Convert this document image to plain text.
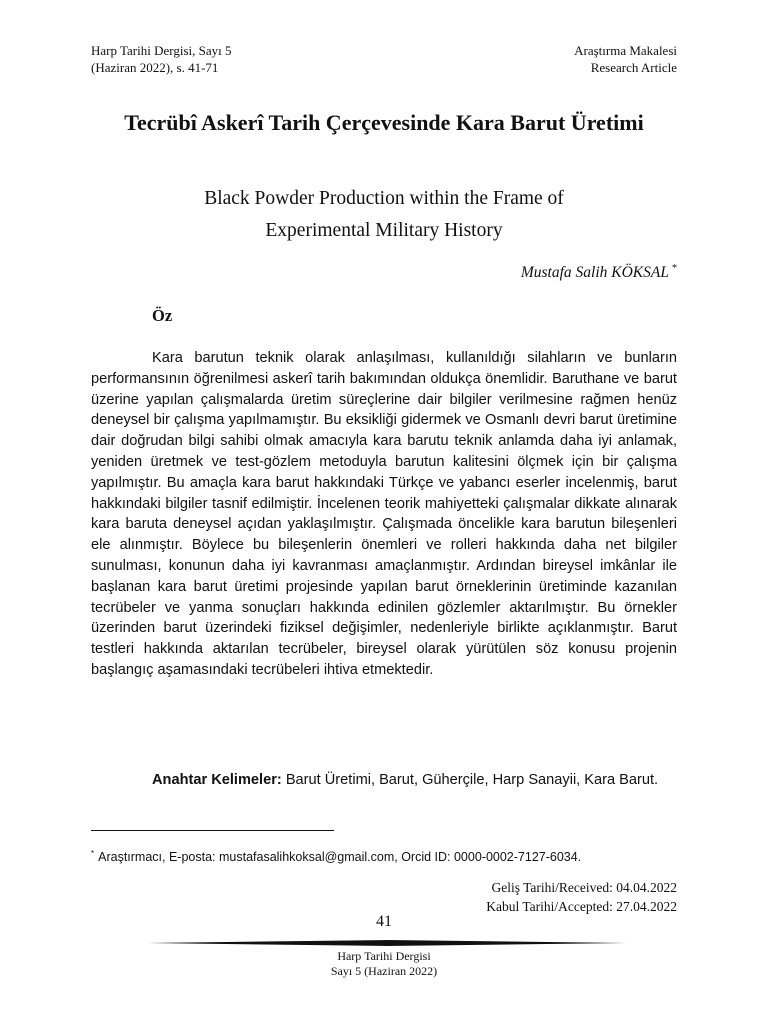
Harp Tarihi Dergisi, Sayı 5
(Haziran 2022), s. 41-71
Araştırma Makalesi
Research Article
Tecrübî Askerî Tarih Çerçevesinde Kara Barut Üretimi
Black Powder Production within the Frame of
Experimental Military History
Mustafa Salih KÖKSAL *
Öz

Kara barutun teknik olarak anlaşılması, kullanıldığı silahların ve bunların performansının öğrenilmesi askerî tarih bakımından oldukça önemlidir. Baruthane ve barut üzerine yapılan çalışmalarda üretim süreçlerine dair bilgiler verilmesine rağmen henüz deneysel bir çalışma yapılmamıştır. Bu eksikliği gidermek ve Osmanlı devri barut üretimine dair doğrudan bilgi sahibi olmak amacıyla kara barutu teknik anlamda daha iyi anlamak, yeniden üretmek ve test-gözlem metoduyla barutun kalitesini ölçmek için bir çalışma yapılmıştır. Bu amaçla kara barut hakkındaki Türkçe ve yabancı eserler incelenmiş, barut hakkındaki bilgiler tasnif edilmiştir. İncelenen teorik mahiyetteki çalışmalar dikkate alınarak kara baruta deneysel açıdan yaklaşılmıştır. Çalışmada öncelikle kara barutun bileşenleri ele alınmıştır. Böylece bu bileşenlerin önemleri ve rolleri hakkında daha net bilgiler sunulması, konunun daha iyi kavranması amaçlanmıştır. Ardından bireysel imkânlar ile başlanan kara barut üretimi projesinde yapılan barut örneklerinin üretiminde kazanılan tecrübeler ve yanma sonuçları hakkında edinilen gözlemler aktarılmıştır. Bu örnekler üzerinden barut üzerindeki fiziksel değişimler, nedenleriyle birlikte açıklanmıştır. Barut testleri hakkında aktarılan tecrübeler, bireysel olarak yürütülen söz konusu projenin başlangıç aşamasındaki tecrübeleri ihtiva etmektedir.

Anahtar Kelimeler: Barut Üretimi, Barut, Güherçile, Harp Sanayii, Kara Barut.

* Araştırmacı, E-posta: mustafasalihkoksal@gmail.com, Orcid ID: 0000-0002-7127-6034.

Geliş Tarihi/Received: 04.04.2022
Kabul Tarihi/Accepted: 27.04.2022
41
Harp Tarihi Dergisi
Sayı 5 (Haziran 2022)
